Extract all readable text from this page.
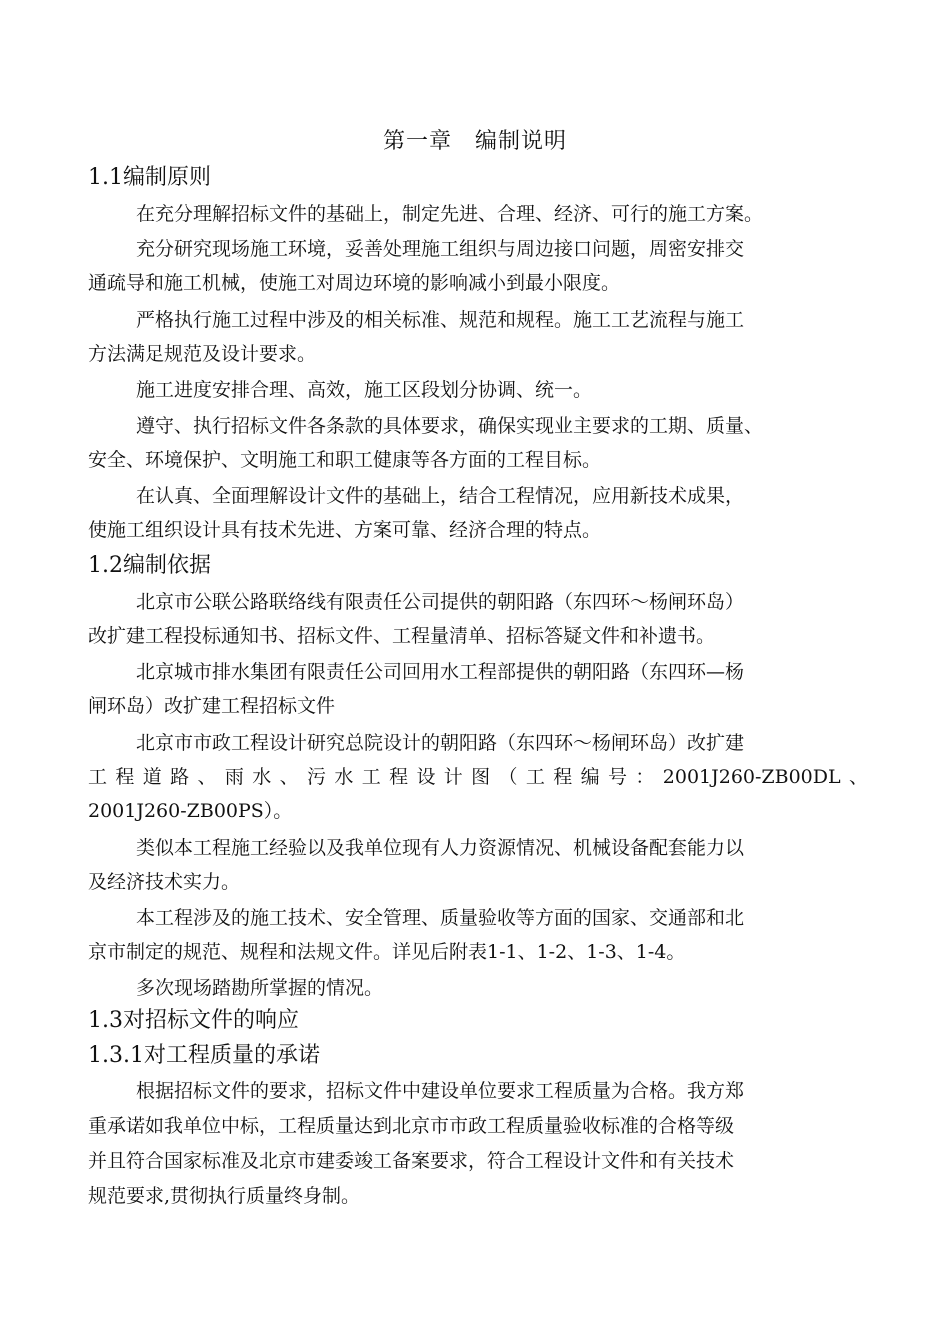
第一章　编制说明
1.1编制原则
在充分理解招标文件的基础上，制定先进、合理、经济、可行的施工方案。
充分研究现场施工环境，妥善处理施工组织与周边接口问题，周密安排交
通疏导和施工机械，使施工对周边环境的影响减小到最小限度。
严格执行施工过程中涉及的相关标准、规范和规程。施工工艺流程与施工
方法满足规范及设计要求。
施工进度安排合理、高效，施工区段划分协调、统一。
遵守、执行招标文件各条款的具体要求，确保实现业主要求的工期、质量、
安全、环境保护、文明施工和职工健康等各方面的工程目标。
在认真、全面理解设计文件的基础上，结合工程情况，应用新技术成果，
使施工组织设计具有技术先进、方案可靠、经济合理的特点。
1.2编制依据
北京市公联公路联络线有限责任公司提供的朝阳路（东四环～杨闸环岛）
改扩建工程投标通知书、招标文件、工程量清单、招标答疑文件和补遗书。
北京城市排水集团有限责任公司回用水工程部提供的朝阳路（东四环—杨
闸环岛）改扩建工程招标文件
北京市市政工程设计研究总院设计的朝阳路（东四环～杨闸环岛）改扩建
工程道路、雨水、污水工程设计图（工程编号：2001J260-ZB00DL、
2001J260-ZB00PS）。
类似本工程施工经验以及我单位现有人力资源情况、机械设备配套能力以
及经济技术实力。
本工程涉及的施工技术、安全管理、质量验收等方面的国家、交通部和北
京市制定的规范、规程和法规文件。详见后附表1-1、1-2、1-3、1-4。
多次现场踏勘所掌握的情况。
1.3对招标文件的响应
1.3.1对工程质量的承诺
根据招标文件的要求，招标文件中建设单位要求工程质量为合格。我方郑
重承诺如我单位中标，工程质量达到北京市市政工程质量验收标准的合格等级
并且符合国家标准及北京市建委竣工备案要求，符合工程设计文件和有关技术
规范要求,贯彻执行质量终身制。
